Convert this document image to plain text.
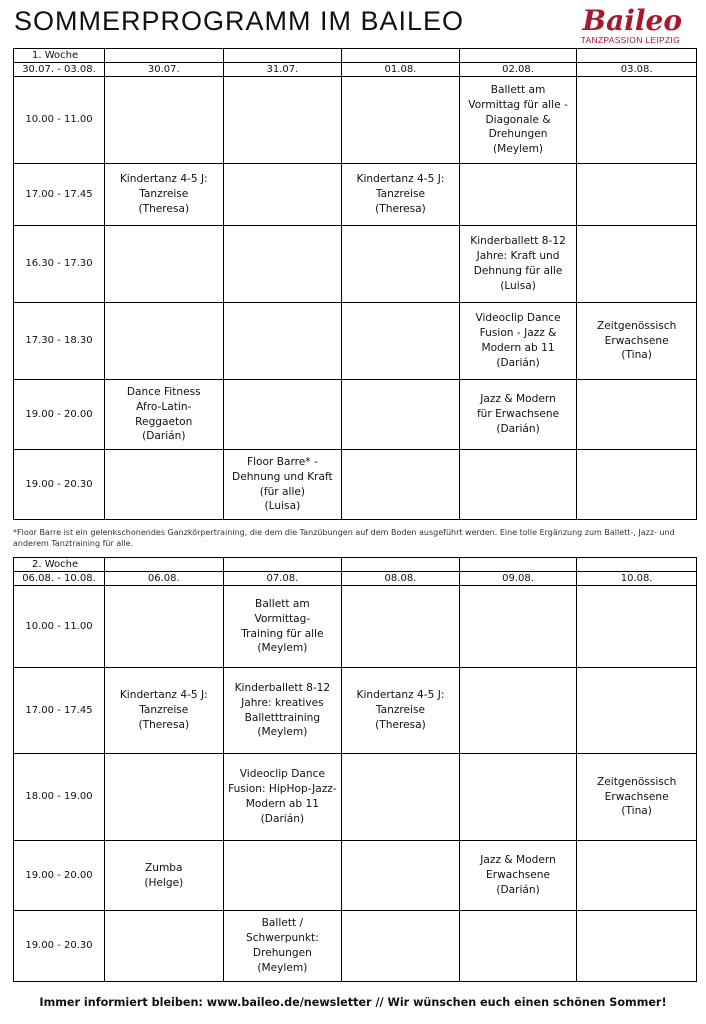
SOMMERPROGRAMM IM BAILEO	Baileo
TANZPASSION LEIPZIG
1. Woche					
30.07. - 03.08.	30.07.	31.07.	01.08.	02.08.	03.08.
10.00 - 11.00				Ballett am
Vormittag für alle -
Diagonale &
Drehungen
(Meylem)	
17.00 - 17.45	Kindertanz 4-5 J:
Tanzreise
(Theresa)		Kindertanz 4-5 J:
Tanzreise
(Theresa)		
16.30 - 17.30				Kinderballett 8-12
Jahre: Kraft und
Dehnung für alle
(Luisa)	
17.30 - 18.30				Videoclip Dance
Fusion - Jazz &
Modern ab 11
(Darián)	Zeitgenössisch
Erwachsene
(Tina)
19.00 - 20.00	Dance Fitness
Afro-Latin-
Reggaeton
(Darián)			Jazz & Modern
für Erwachsene
(Darián)	
19.00 - 20.30		Floor Barre* -
Dehnung und Kraft
(für alle)
(Luisa)			
*Floor Barre ist ein gelenkschonendes Ganzkörpertraining, die dem die Tanzübungen auf dem Boden ausgeführt werden. Eine tolle Ergänzung zum Ballett-, Jazz- und anderem Tanztraining für alle.
2. Woche					
06.08. - 10.08.	06.08.	07.08.	08.08.	09.08.	10.08.
10.00 - 11.00		Ballett am Vormittag-
Training für alle
(Meylem)			
17.00 - 17.45	Kindertanz 4-5 J:
Tanzreise
(Theresa)	Kinderballett 8-12
Jahre: kreatives
Balletttraining
(Meylem)	Kindertanz 4-5 J:
Tanzreise
(Theresa)		
18.00 - 19.00		Videoclip Dance
Fusion: HipHop-Jazz-
Modern ab 11
(Darián)			Zeitgenössisch
Erwachsene
(Tina)
19.00 - 20.00	Zumba
(Helge)			Jazz & Modern
Erwachsene
(Darián)	
19.00 - 20.30		Ballett /
Schwerpunkt:
Drehungen
(Meylem)			
Immer informiert bleiben: www.baileo.de/newsletter // Wir wünschen euch einen schönen Sommer!
